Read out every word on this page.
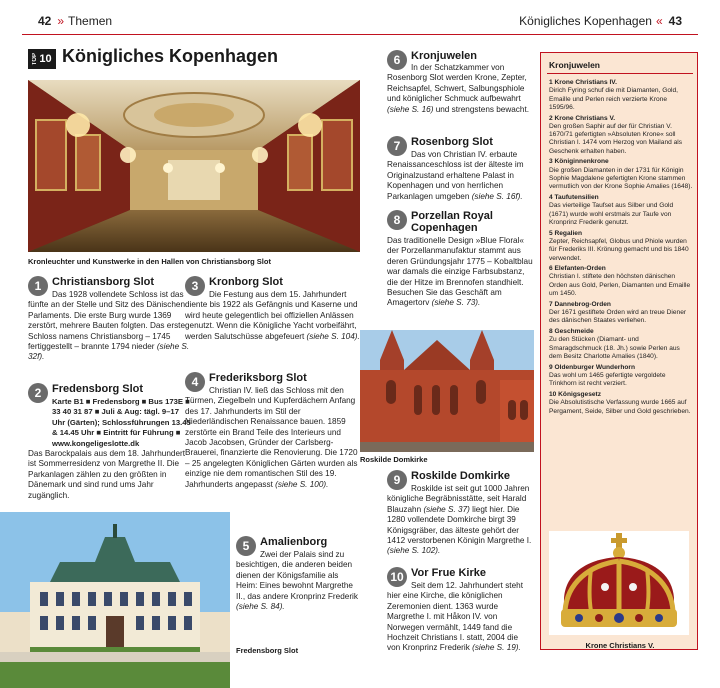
42 » Themen	Königliches Kopenhagen « 43
TOP 10 Königliches Kopenhagen
Kronleuchter und Kunstwerke in den Hallen von Christiansborg Slot
1 Christiansborg Slot
Das 1928 vollendete Schloss ist das fünfte an der Stelle und Sitz des Dänischen Parlaments. Die erste Burg wurde 1369 zerstört, mehrere Bauten folgten. Das erste Schloss namens Christiansborg – 1745 fertiggestellt – brannte 1794 nieder (siehe S. 32f).
2 Fredensborg Slot
Karte B1 ■ Fredensborg ■ Bus 173E ■ 33 40 31 87 ■ Juli & Aug: tägl. 9–17 Uhr (Gärten); Schlossführungen 13.45 & 14.45 Uhr ■ Eintritt für Führung ■ www.kongeligeslotte.dk
Das Barockpalais aus dem 18. Jahrhundert ist Sommerresidenz von Margrethe II. Die Parkanlagen zählen zu den größten in Dänemark und sind rund ums Jahr zugänglich.
3 Kronborg Slot
Die Festung aus dem 15. Jahrhundert diente bis 1922 als Gefängnis und Kaserne und wird heute gelegentlich bei offiziellen Anlässen genutzt. Wenn die Königliche Yacht vorbeifährt, werden Salutschüsse abgefeuert (siehe S. 104).
4 Frederiksborg Slot
Christian IV. ließ das Schloss mit den Türmen, Ziegelbeln und Kupferdächern Anfang des 17. Jahrhunderts im Stil der Niederländischen Renaissance bauen. 1859 zerstörte ein Brand Teile des Interieurs und Jacob Jacobsen, Gründer der Carlsberg-Brauerei, finanzierte die Renovierung. Die 1720 – 25 angelegten Königlichen Gärten wurden als einzige nie dem romantischen Stil des 19. Jahrhunderts angepasst (siehe S. 100).
5 Amalienborg
Zwei der Palais sind zu besichtigen, die anderen beiden dienen der Königsfamilie als Heim: Eines bewohnt Margrethe II., das andere Kronprinz Frederik (siehe S. 84).
Fredensborg Slot
6 Kronjuwelen
In der Schatzkammer von Rosenborg Slot werden Krone, Zepter, Reichsapfel, Schwert, Salbungsphiole und königlicher Schmuck aufbewahrt (siehe S. 16) und strengstens bewacht.
7 Rosenborg Slot
Das von Christian IV. erbaute Renaissanceschloss ist der älteste im Originalzustand erhaltene Palast in Kopenhagen und von herrlichen Parkanlagen umgeben (siehe S. 16f).
8 Porzellan Royal Copenhagen
Das traditionelle Design »Blue Floral« der Porzellanmanufaktur stammt aus deren Gründungsjahr 1775 – Kobaltblau war damals die einzige Farbsubstanz, die der Hitze im Brennofen standhielt. Besuchen Sie das Geschäft am Amagertorv (siehe S. 73).
Roskilde Domkirke
9 Roskilde Domkirke
Roskilde ist seit gut 1000 Jahren königliche Begräbnisstätte, seit Harald Blauzahn (siehe S. 37) liegt hier. Die 1280 vollendete Domkirche birgt 39 Königsgräber, das älteste gehört der 1412 verstorbenen Königin Margrethe I. (siehe S. 102).
10 Vor Frue Kirke
Seit dem 12. Jahrhundert steht hier eine Kirche, die königlichen Zeremonien dient. 1363 wurde Margrethe I. mit Håkon IV. von Norwegen vermählt, 1449 fand die Hochzeit Christians I. statt, 2004 die von Kronprinz Frederik (siehe S. 19).
Kronjuwelen
1 Krone Christians IV.
Dirich Fyring schuf die mit Diamanten, Gold, Emaille und Perlen reich verzierte Krone 1595/96.
2 Krone Christians V.
Den großen Saphir auf der für Christian V. 1670/71 gefertigten »Absoluten Krone« soll Christian I. 1474 vom Herzog von Mailand als Geschenk erhalten haben.
3 Königinnenkrone
Die großen Diamanten in der 1731 für Königin Sophie Magdalene gefertigten Krone stammen vermutlich von der Krone Sophie Amalies (1648).
4 Taufutensilien
Das vierteilige Taufset aus Silber und Gold (1671) wurde wohl erstmals zur Taufe von Kronprinz Frederik genutzt.
5 Regalien
Zepter, Reichsapfel, Globus und Phiole wurden für Frederiks III. Krönung gemacht und bis 1840 verwendet.
6 Elefanten-Orden
Christian I. stiftete den höchsten dänischen Orden aus Gold, Perlen, Diamanten und Emaille um 1450.
7 Dannebrog-Orden
Der 1671 gestiftete Orden wird an treue Diener des dänischen Staates verliehen.
8 Geschmeide
Zu den Stücken (Diamant- und Smaragdschmuck (18. Jh.) sowie Perlen aus dem Besitz Charlotte Amalies (1840).
9 Oldenburger Wunderhorn
Das wohl um 1465 gefertigte vergoldete Trinkhorn ist recht verziert.
10 Königsgesetz
Die Absolutistische Verfassung wurde 1665 auf Pergament, Seide, Silber und Gold geschrieben.
Krone Christians V.
